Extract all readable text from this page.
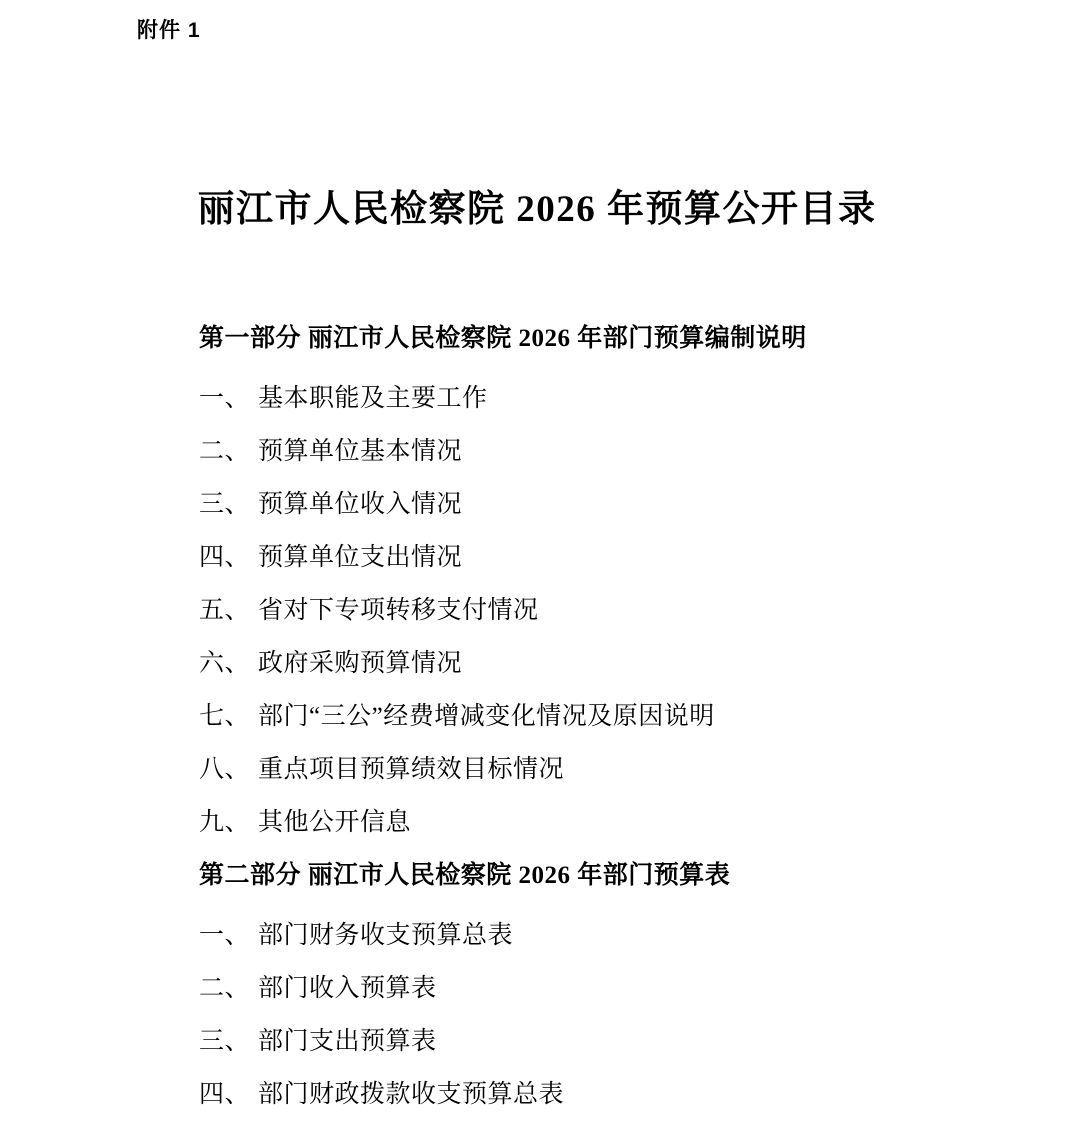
附件 1
丽江市人民检察院 2026 年预算公开目录
第一部分 丽江市人民检察院 2026 年部门预算编制说明
一、 基本职能及主要工作
二、 预算单位基本情况
三、 预算单位收入情况
四、 预算单位支出情况
五、 省对下专项转移支付情况
六、 政府采购预算情况
七、 部门“三公”经费增减变化情况及原因说明
八、 重点项目预算绩效目标情况
九、 其他公开信息
第二部分 丽江市人民检察院 2026 年部门预算表
一、 部门财务收支预算总表
二、 部门收入预算表
三、 部门支出预算表
四、 部门财政拨款收支预算总表
